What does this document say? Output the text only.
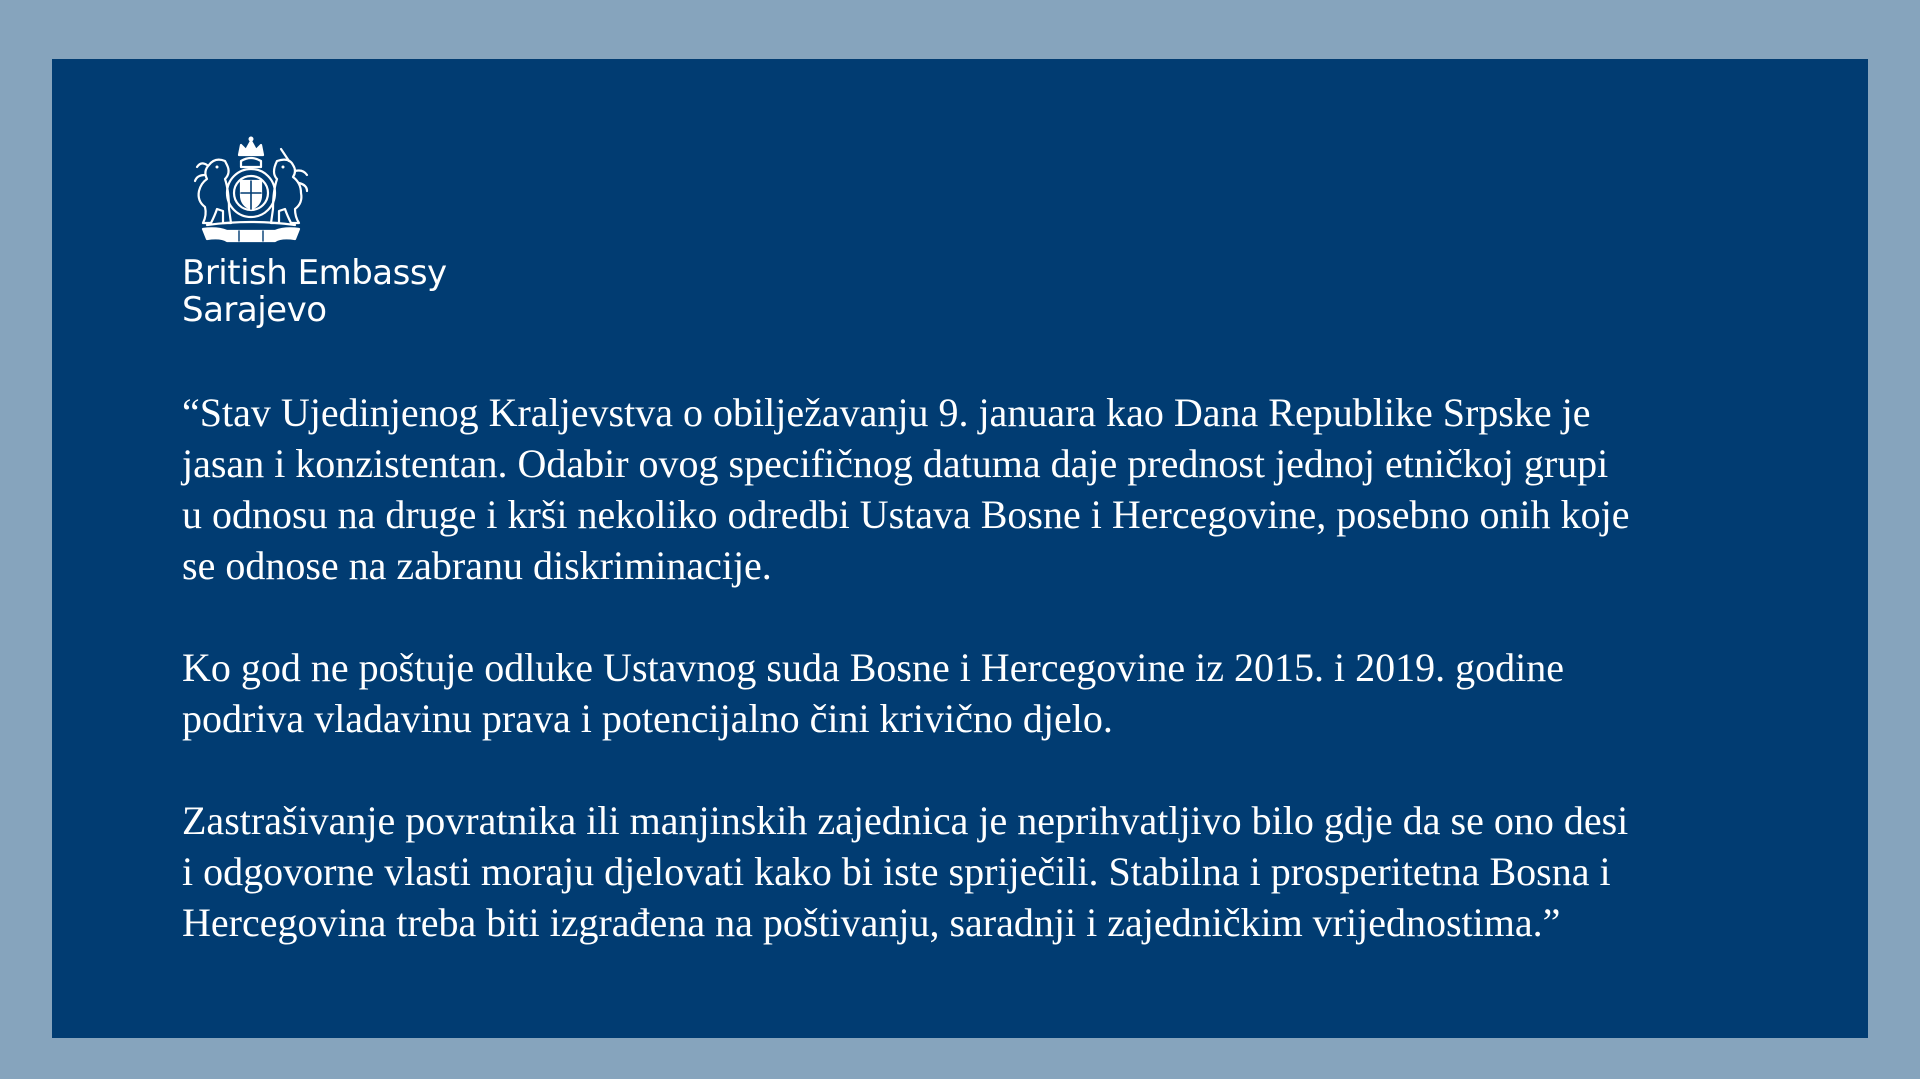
British Embassy
Sarajevo
“Stav Ujedinjenog Kraljevstva o obilježavanju 9. januara kao Dana Republike Srpske je
jasan i konzistentan. Odabir ovog specifičnog datuma daje prednost jednoj etničkoj grupi
u odnosu na druge i krši nekoliko odredbi Ustava Bosne i Hercegovine, posebno onih koje
se odnose na zabranu diskriminacije.
Ko god ne poštuje odluke Ustavnog suda Bosne i Hercegovine iz 2015. i 2019. godine
podriva vladavinu prava i potencijalno čini krivično djelo.
Zastrašivanje povratnika ili manjinskih zajednica je neprihvatljivo bilo gdje da se ono desi
i odgovorne vlasti moraju djelovati kako bi iste spriječili. Stabilna i prosperitetna Bosna i
Hercegovina treba biti izgrađena na poštivanju, saradnji i zajedničkim vrijednostima.”
